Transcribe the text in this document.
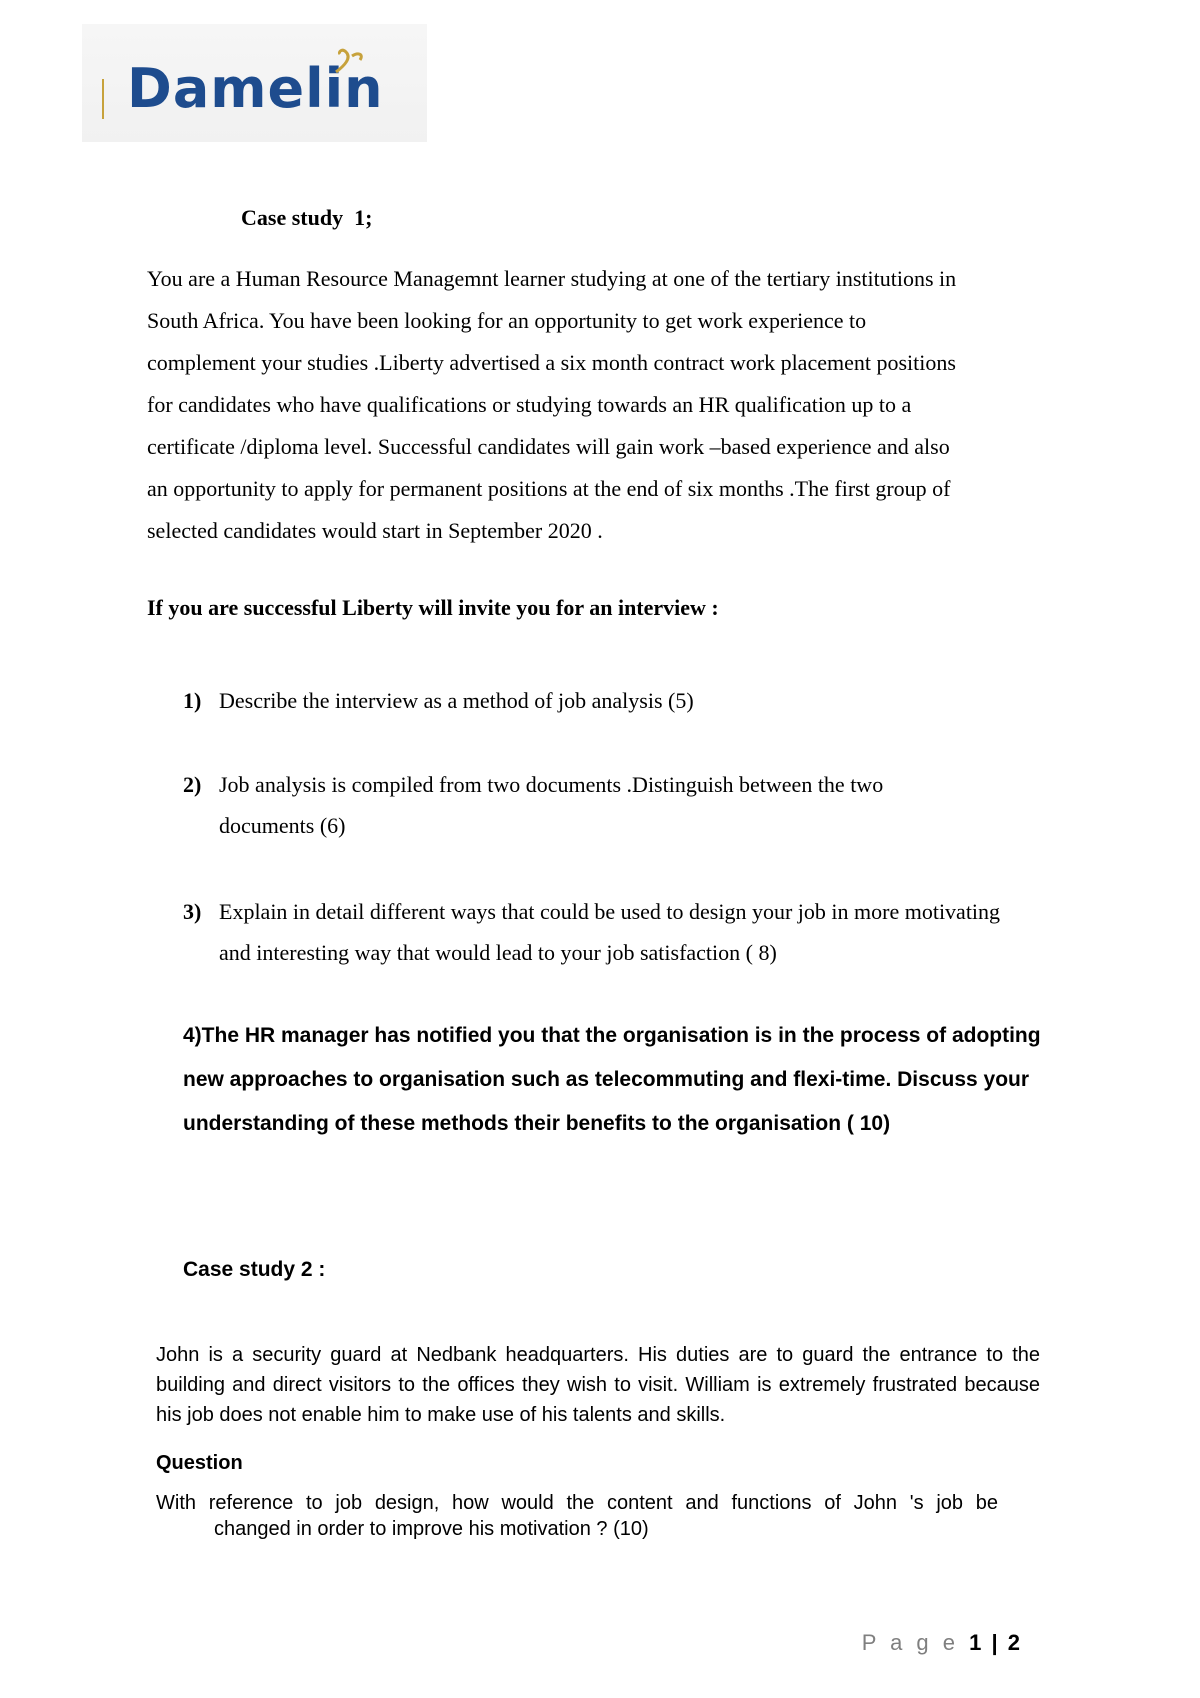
Damelin
Case study  1;

You are a Human Resource Managemnt learner studying at one of the tertiary institutions in

South Africa. You have been looking for an opportunity to get work experience to

complement your studies .Liberty advertised a six month contract work placement positions

for candidates who have qualifications or studying towards an HR qualification up to a

certificate /diploma level. Successful candidates will gain work –based experience and also

an opportunity to apply for permanent positions at the end of six months .The first group of

selected candidates would start in September 2020 .

If you are successful Liberty will invite you for an interview :
1) Describe the interview as a method of job analysis (5)
2) Job analysis is compiled from two documents .Distinguish between the two documents (6)
3) Explain in detail different ways that could be used to design your job in more motivating and interesting way that would lead to your job satisfaction ( 8)
4)The HR manager has notified you that the organisation is in the process of adopting new approaches to organisation such as telecommuting and flexi-time. Discuss your understanding of these methods their benefits to the organisation ( 10)
Case study 2 :
John is a security guard at Nedbank headquarters. His duties are to guard the entrance to the building and direct visitors to the offices they wish to visit. William is extremely frustrated because his job does not enable him to make use of his talents and skills.
Question
With reference to job design, how would the content and functions of John 's job be
changed in order to improve his motivation ? (10)
P a g e 1 | 2
